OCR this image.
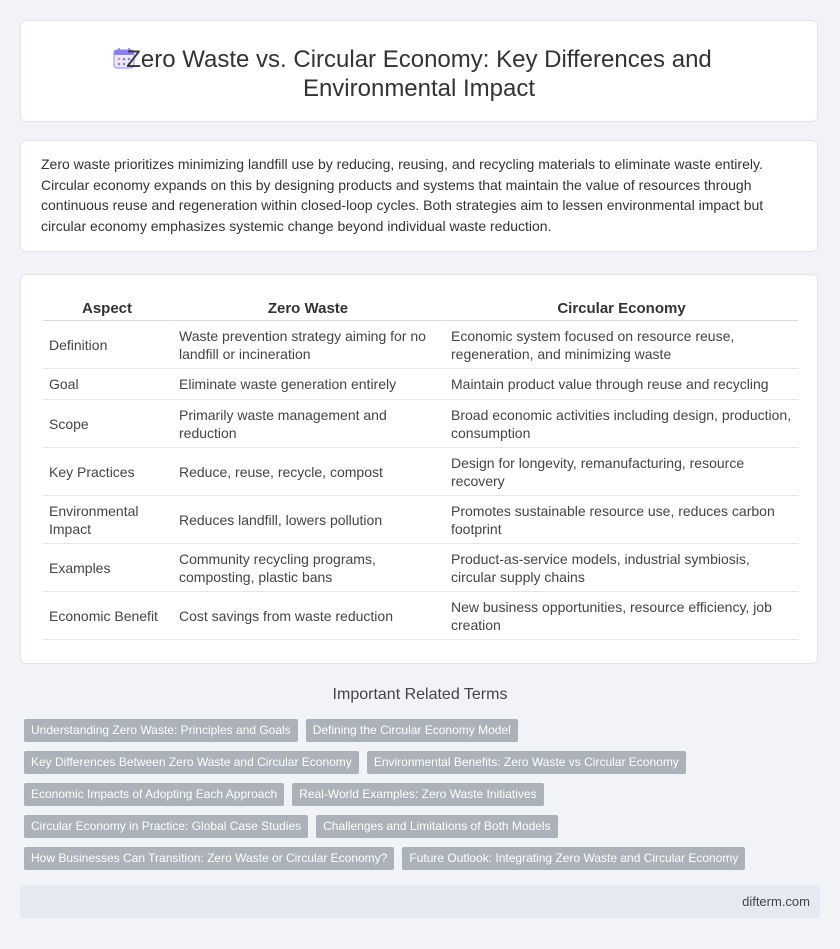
Zero Waste vs. Circular Economy: Key Differences and Environmental Impact
Zero waste prioritizes minimizing landfill use by reducing, reusing, and recycling materials to eliminate waste entirely. Circular economy expands on this by designing products and systems that maintain the value of resources through continuous reuse and regeneration within closed-loop cycles. Both strategies aim to lessen environmental impact but circular economy emphasizes systemic change beyond individual waste reduction.
Aspect	Zero Waste	Circular Economy
Definition	Waste prevention strategy aiming for no landfill or incineration	Economic system focused on resource reuse, regeneration, and minimizing waste
Goal	Eliminate waste generation entirely	Maintain product value through reuse and recycling
Scope	Primarily waste management and reduction	Broad economic activities including design, production, consumption
Key Practices	Reduce, reuse, recycle, compost	Design for longevity, remanufacturing, resource recovery
Environmental Impact	Reduces landfill, lowers pollution	Promotes sustainable resource use, reduces carbon footprint
Examples	Community recycling programs, composting, plastic bans	Product-as-service models, industrial symbiosis, circular supply chains
Economic Benefit	Cost savings from waste reduction	New business opportunities, resource efficiency, job creation
Important Related Terms
Understanding Zero Waste: Principles and Goals	Defining the Circular Economy Model
Key Differences Between Zero Waste and Circular Economy	Environmental Benefits: Zero Waste vs Circular Economy
Economic Impacts of Adopting Each Approach	Real-World Examples: Zero Waste Initiatives
Circular Economy in Practice: Global Case Studies	Challenges and Limitations of Both Models
How Businesses Can Transition: Zero Waste or Circular Economy?	Future Outlook: Integrating Zero Waste and Circular Economy
difterm.com
